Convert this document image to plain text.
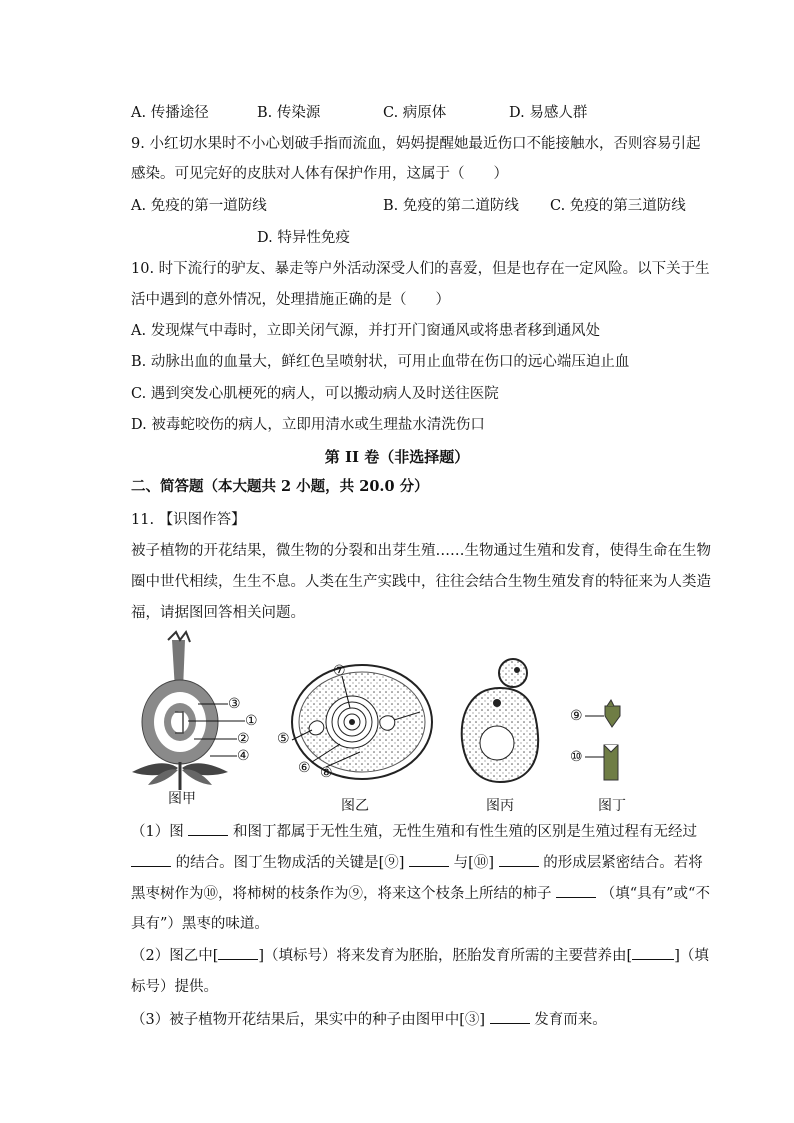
A. 传播途径	B. 传染源	C. 病原体	D. 易感人群
9. 小红切水果时不小心划破手指而流血，妈妈提醒她最近伤口不能接触水，否则容易引起
感染。可见完好的皮肤对人体有保护作用，这属于（　　）
A. 免疫的第一道防线	B. 免疫的第二道防线 C. 免疫的第三道防线
D. 特异性免疫
10. 时下流行的驴友、暴走等户外活动深受人们的喜爱，但是也存在一定风险。以下关于生
活中遇到的意外情况，处理措施正确的是（　　）
A. 发现煤气中毒时，立即关闭气源，并打开门窗通风或将患者移到通风处
B. 动脉出血的血量大，鲜红色呈喷射状，可用止血带在伤口的远心端压迫止血
C. 遇到突发心肌梗死的病人，可以搬动病人及时送往医院
D. 被毒蛇咬伤的病人，立即用清水或生理盐水清洗伤口
第 II 卷（非选择题）
二、简答题（本大题共 2 小题，共 20.0 分）
11. 【识图作答】
被子植物的开花结果，微生物的分裂和出芽生殖……生物通过生殖和发育，使得生命在生物
圈中世代相续，生生不息。人类在生产实践中，往往会结合生物生殖发育的特征来为人类造
福，请据图回答相关问题。
③
①
②
④
⑦
⑤
⑥ ⑧
⑨
⑩
图甲	图乙	图丙	图丁
（1）图	和图丁都属于无性生殖，无性生殖和有性生殖的区别是生殖过程有无经过
的结合。图丁生物成活的关键是[⑨]	与[⑩]	的形成层紧密结合。若将
黑枣树作为⑩，将柿树的枝条作为⑨，将来这个枝条上所结的柿子	（填“具有”或“不
具有”）黑枣的味道。
（2）图乙中[	]（填标号）将来发育为胚胎，胚胎发育所需的主要营养由[	]（填
标号）提供。
（3）被子植物开花结果后，果实中的种子由图甲中[③]	发育而来。
